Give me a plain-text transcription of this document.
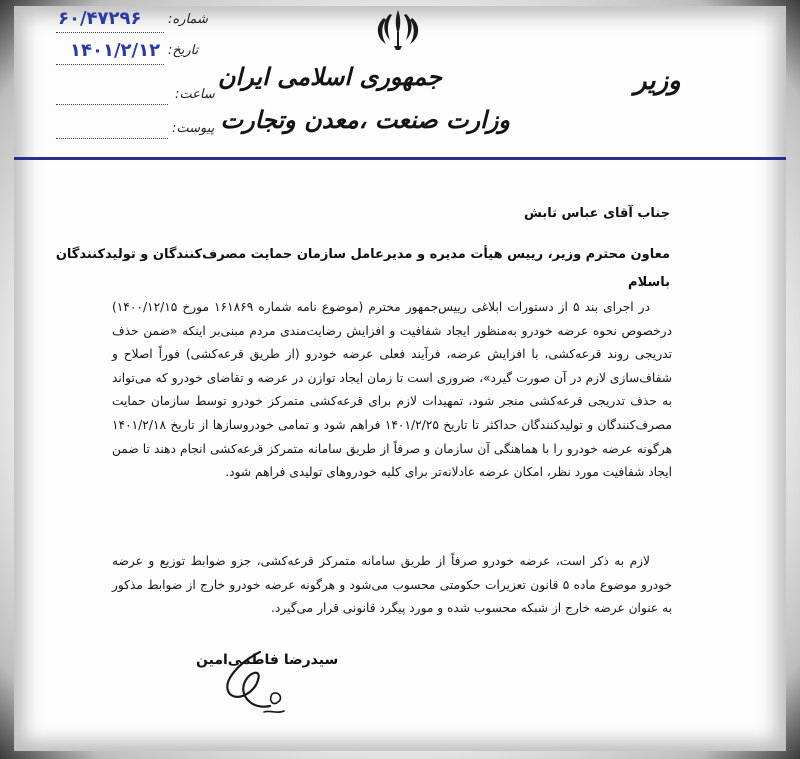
جمهوری اسلامی ایران
وزارت صنعت ،معدن وتجارت
وزیر
شماره:
۶۰/۴۷۲۹۶
تاریخ:
۱۴۰۱/۲/۱۲
ساعت:
پیوست:
جناب آقای عباس تابش
معاون محترم وزیر، رییس هیأت مدیره و مدیرعامل سازمان حمایت مصرف‌کنندگان و تولیدکنندگان
باسلام
در اجرای بند ۵ از دستورات ابلاغی رییس‌جمهور محترم (موضوع نامه شماره ۱۶۱۸۶۹ مورخ ۱۴۰۰/۱۲/۱۵) درخصوص نحوه عرضه خودرو به‌منظور ایجاد شفافیت و افزایش رضایت‌مندی مردم مبنی‌بر اینکه «ضمن حذف تدریجی روند قرعه‌کشی، با افزایش عرضه، فرآیند فعلی عرضه خودرو (از طریق قرعه‌کشی) فوراً اصلاح و شفاف‌سازی لازم در آن صورت گیرد»، ضروری است تا زمان ایجاد توازن در عرضه و تقاضای خودرو که می‌تواند به حذف تدریجی قرعه‌کشی منجر شود، تمهیدات لازم برای قرعه‌کشی متمرکز خودرو توسط سازمان حمایت مصرف‌کنندگان و تولیدکنندگان حداکثر تا تاریخ ۱۴۰۱/۲/۲۵ فراهم شود و تمامی خودروسازها از تاریخ ۱۴۰۱/۲/۱۸ هرگونه عرضه خودرو را با هماهنگی آن سازمان و صرفاً از طریق سامانه متمرکز قرعه‌کشی انجام دهند تا ضمن ایجاد شفافیت مورد نظر، امکان عرضه عادلانه‌تر برای کلیه خودروهای تولیدی فراهم شود.
لازم به ذکر است، عرضه خودرو صرفاً از طریق سامانه متمرکز قرعه‌کشی، جزو ضوابط توزیع و عرضه خودرو موضوع ماده ۵ قانون تعزیرات حکومتی محسوب می‌شود و هرگونه عرضه خودرو خارج از ضوابط مذکور به عنوان عرضه خارج از شبکه محسوب شده و مورد پیگرد قانونی قرار می‌گیرد.
سیدرضا فاطمی‌امین
